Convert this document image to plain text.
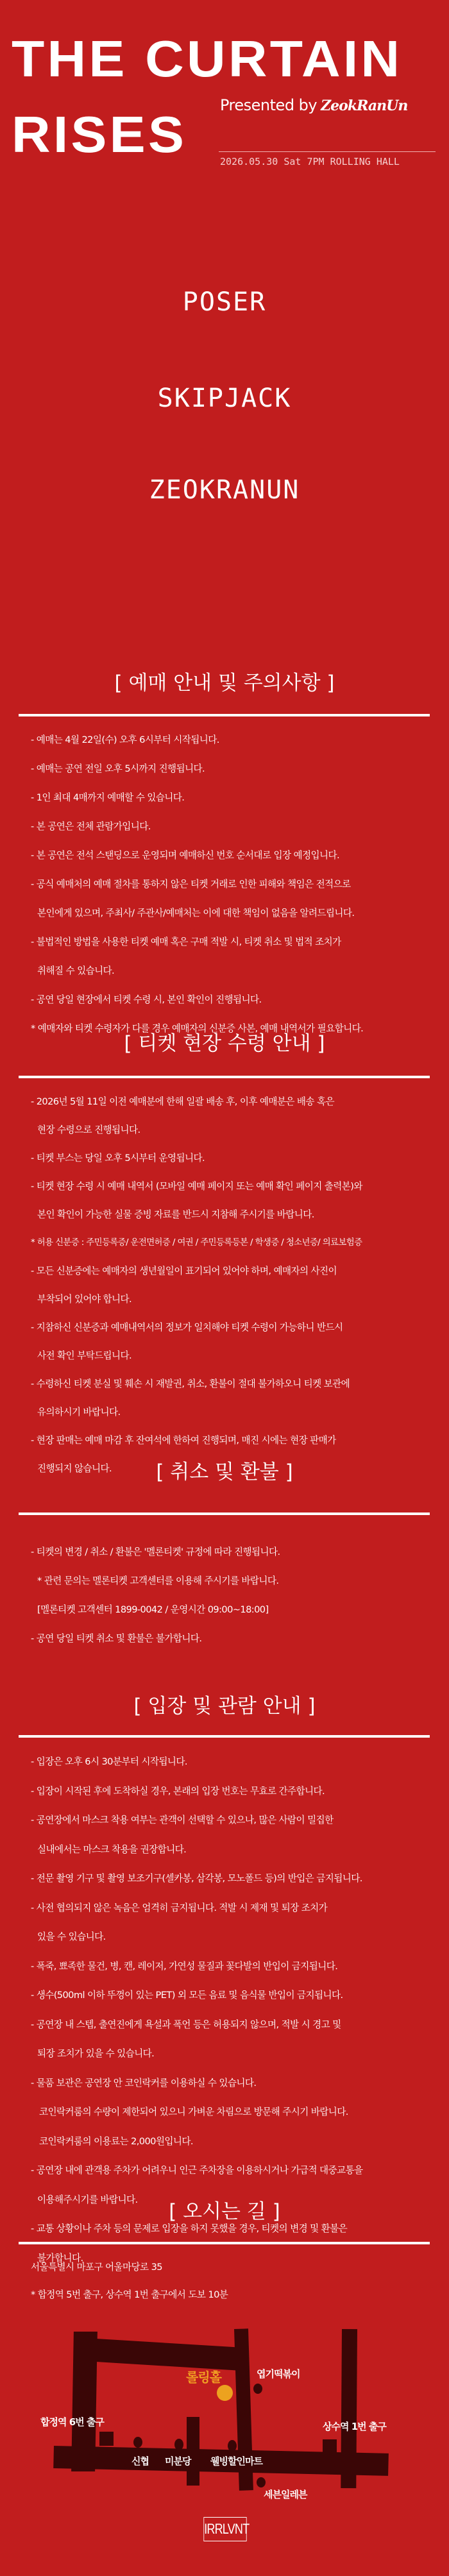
THE CURTAIN
RISES
Presented by ZeokRanUn
2026.05.30 Sat 7PM ROLLING HALL
POSER
SKIPJACK
ZEOKRANUN
[ 예매 안내 및 주의사항 ]
- 예매는 4월 22일(수) 오후 6시부터 시작됩니다.
- 예매는 공연 전일 오후 5시까지 진행됩니다.
- 1인 최대 4매까지 예매할 수 있습니다.
- 본 공연은 전체 관람가입니다.
- 본 공연은 전석 스탠딩으로 운영되며 예매하신 번호 순서대로 입장 예정입니다.
- 공식 예매처의 예매 절차를 통하지 않은 티켓 거래로 인한 피해와 책임은 전적으로
본인에게 있으며, 주최사/ 주관사/예매처는 이에 대한 책임이 없음을 알려드립니다.
- 불법적인 방법을 사용한 티켓 예매 혹은 구매 적발 시, 티켓 취소 및 법적 조치가
취해질 수 있습니다.
- 공연 당일 현장에서 티켓 수령 시, 본인 확인이 진행됩니다.
* 예매자와 티켓 수령자가 다를 경우 예매자의 신분증 사본, 예매 내역서가 필요합니다.
[ 티켓 현장 수령 안내 ]
- 2026년 5월 11일 이전 예매분에 한해 일괄 배송 후, 이후 예매분은 배송 혹은
현장 수령으로 진행됩니다.
- 티켓 부스는 당일 오후 5시부터 운영됩니다.
- 티켓 현장 수령 시 예매 내역서 (모바일 예매 페이지 또는 예매 확인 페이지 출력본)와
본인 확인이 가능한 실물 증빙 자료를 반드시 지참해 주시기를 바랍니다.
* 허용 신분증 : 주민등록증/ 운전면허증 / 여권 / 주민등록등본 / 학생증 / 청소년증/ 의료보험증
- 모든 신분증에는 예매자의 생년월일이 표기되어 있어야 하며, 예매자의 사진이
부착되어 있어야 합니다.
- 지참하신 신분증과 예매내역서의 정보가 일치해야 티켓 수령이 가능하니 반드시
사전 확인 부탁드립니다.
- 수령하신 티켓 분실 및 훼손 시 재발권, 취소, 환불이 절대 불가하오니 티켓 보관에
유의하시기 바랍니다.
- 현장 판매는 예매 마감 후 잔여석에 한하여 진행되며, 매진 시에는 현장 판매가
진행되지 않습니다.	[ 취소 및 환불 ]
- 티켓의 변경 / 취소 / 환불은 '멜론티켓' 규정에 따라 진행됩니다.
* 관련 문의는 멜론티켓 고객센터를 이용해 주시기를 바랍니다.
[멜론티켓 고객센터 1899-0042 / 운영시간 09:00~18:00]
- 공연 당일 티켓 취소 및 환불은 불가합니다.
[ 입장 및 관람 안내 ]
- 입장은 오후 6시 30분부터 시작됩니다.
- 입장이 시작된 후에 도착하실 경우, 본래의 입장 번호는 무효로 간주합니다.
- 공연장에서 마스크 착용 여부는 관객이 선택할 수 있으나, 많은 사람이 밀집한
실내에서는 마스크 착용을 권장합니다.
- 전문 촬영 기구 및 촬영 보조기구(셀카봉, 삼각봉, 모노폴드 등)의 반입은 금지됩니다.
- 사전 협의되지 않은 녹음은 엄격히 금지됩니다. 적발 시 제재 및 퇴장 조치가
있을 수 있습니다.
- 폭죽, 뾰족한 물건, 병, 캔, 레이저, 가연성 물질과 꽃다발의 반입이 금지됩니다.
- 생수(500ml 이하 뚜껑이 있는 PET) 외 모든 음료 및 음식물 반입이 금지됩니다.
- 공연장 내 스텝, 출연진에게 욕설과 폭언 등은 허용되지 않으며, 적발 시 경고 및
퇴장 조치가 있을 수 있습니다.
- 물품 보관은 공연장 안 코인락커를 이용하실 수 있습니다.
코인락커룸의 수량이 제한되어 있으니 가벼운 차림으로 방문해 주시기 바랍니다.
코인락커룸의 이용료는 2,000원입니다.
- 공연장 내에 관객용 주차가 어려우니 인근 주차장을 이용하시거나 가급적 대중교통을
이용해주시기를 바랍니다.
- 교통 상황이나 주차 등의 문제로 입장을 하지 못했을 경우, 티켓의 변경 및 환불은
불가합니다.
[ 오시는 길 ]
서울특별시 마포구 어울마당로 35
* 합정역 5번 출구, 상수역 1번 출구에서 도보 10분
롤링홀	엽기떡볶이
합정역 6번 출구	상수역 1번 출구
신협 미분당 웰빙할인마트
세븐일레븐
IRRLVNT
